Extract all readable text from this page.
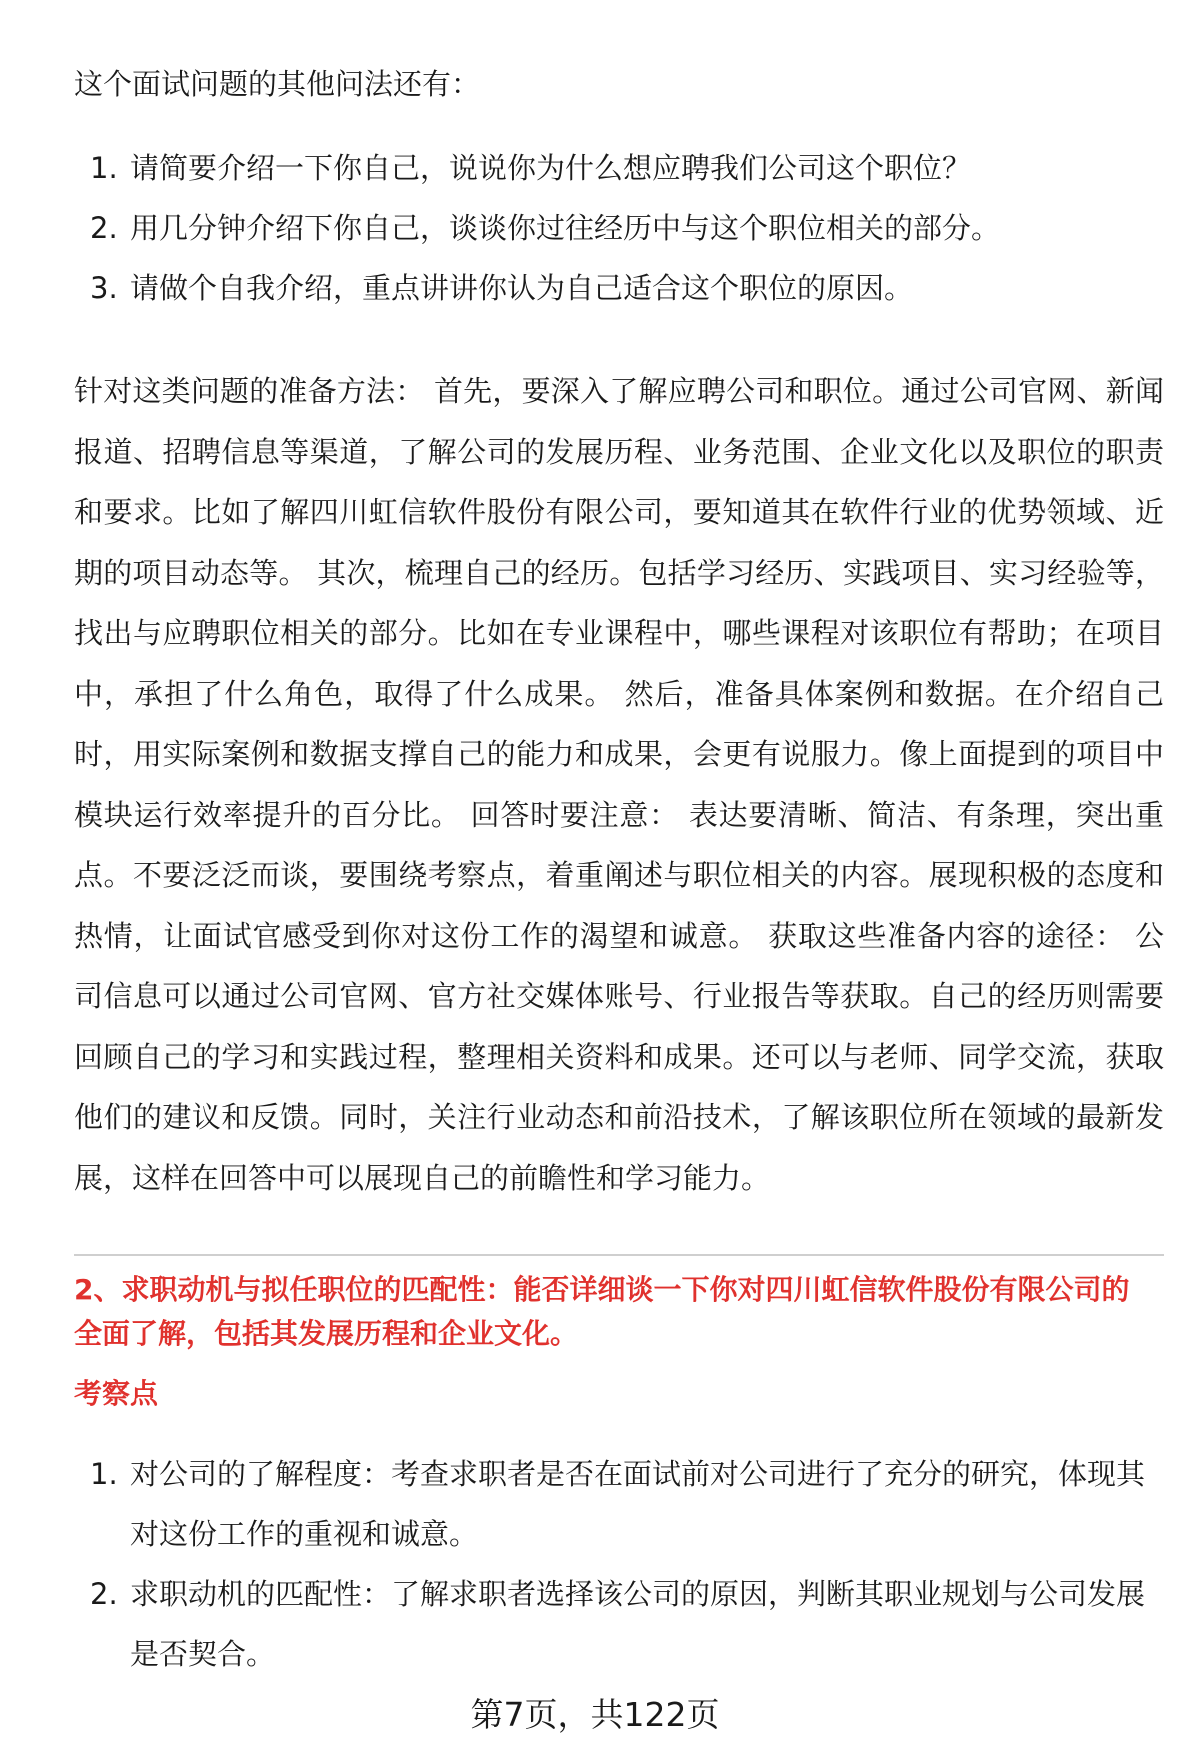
这个面试问题的其他问法还有：

1. 请简要介绍一下你自己，说说你为什么想应聘我们公司这个职位？
2. 用几分钟介绍下你自己，谈谈你过往经历中与这个职位相关的部分。
3. 请做个自我介绍，重点讲讲你认为自己适合这个职位的原因。

针对这类问题的准备方法： 首先，要深入了解应聘公司和职位。通过公司官网、新闻报道、招聘信息等渠道，了解公司的发展历程、业务范围、企业文化以及职位的职责和要求。比如了解四川虹信软件股份有限公司，要知道其在软件行业的优势领域、近期的项目动态等。 其次，梳理自己的经历。包括学习经历、实践项目、实习经验等，找出与应聘职位相关的部分。比如在专业课程中，哪些课程对该职位有帮助；在项目中，承担了什么角色，取得了什么成果。 然后，准备具体案例和数据。在介绍自己时，用实际案例和数据支撑自己的能力和成果，会更有说服力。像上面提到的项目中模块运行效率提升的百分比。 回答时要注意： 表达要清晰、简洁、有条理，突出重点。不要泛泛而谈，要围绕考察点，着重阐述与职位相关的内容。展现积极的态度和热情，让面试官感受到你对这份工作的渴望和诚意。 获取这些准备内容的途径： 公司信息可以通过公司官网、官方社交媒体账号、行业报告等获取。自己的经历则需要回顾自己的学习和实践过程，整理相关资料和成果。还可以与老师、同学交流，获取他们的建议和反馈。同时，关注行业动态和前沿技术，了解该职位所在领域的最新发展，这样在回答中可以展现自己的前瞻性和学习能力。

2、求职动机与拟任职位的匹配性：能否详细谈一下你对四川虹信软件股份有限公司的全面了解，包括其发展历程和企业文化。
考察点
1. 对公司的了解程度：考查求职者是否在面试前对公司进行了充分的研究，体现其对这份工作的重视和诚意。
2. 求职动机的匹配性：了解求职者选择该公司的原因，判断其职业规划与公司发展是否契合。
第7页，共122页
